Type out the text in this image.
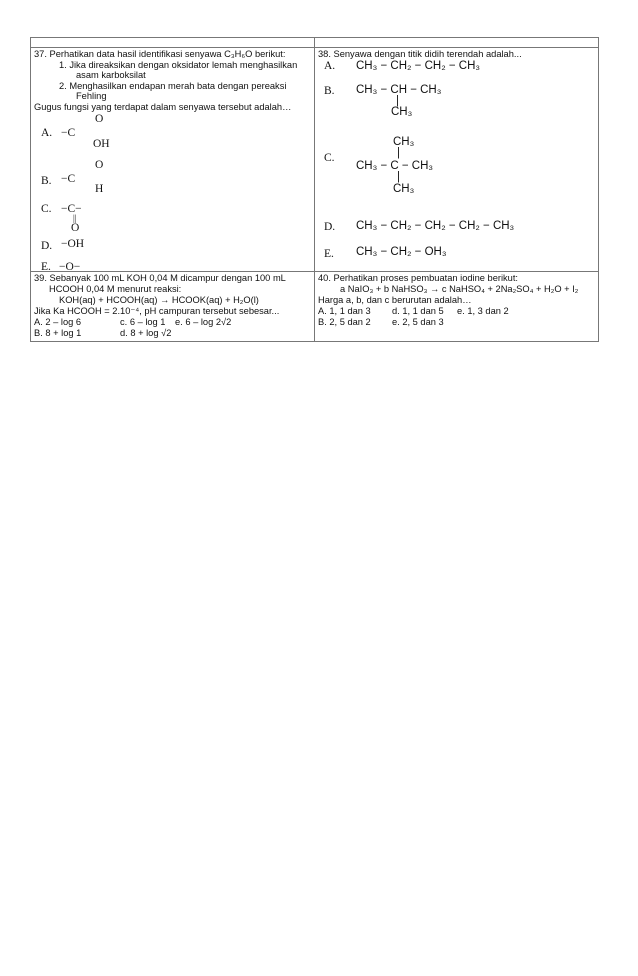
37. Perhatikan data hasil identifikasi senyawa C₃H₆O berikut:
1. Jika direaksikan dengan oksidator lemah menghasilkan
asam karboksilat
2. Menghasilkan endapan merah bata dengan pereaksi
Fehling
Gugus fungsi yang terdapat dalam senyawa tersebut adalah…
A. −C
O
OH
B. −C
O
H
C. −C−
||
O
D. −OH
E. −O−
38. Senyawa dengan titik didih terendah adalah...
A. CH₃ − CH₂ − CH₂ − CH₃
B. CH₃ − CH − CH₃
|
CH₃
CH₃
|
C.
CH₃ − C − CH₃
|
CH₃
D. CH₃ − CH₂ − CH₂ − CH₂ − CH₃
E. CH₃ − CH₂ − OH₃
39. Sebanyak 100 mL KOH 0,04 M dicampur dengan 100 mL
HCOOH 0,04 M menurut reaksi:
KOH(aq) + HCOOH(aq) → HCOOK(aq) + H₂O(l)
Jika Ka HCOOH = 2.10⁻⁴, pH campuran tersebut sebesar...
A. 2 – log 6	c. 6 – log 1 e. 6 – log 2√2
B. 8 + log 1	d. 8 + log √2
40. Perhatikan proses pembuatan iodine berikut:
a NaIO₃ + b NaHSO₃ → c NaHSO₄ + 2Na₂SO₄ + H₂O + I₂
Harga a, b, dan c berurutan adalah…
A. 1, 1 dan 3 d. 1, 1 dan 5 e. 1, 3 dan 2
B. 2, 5 dan 2 e. 2, 5 dan 3
